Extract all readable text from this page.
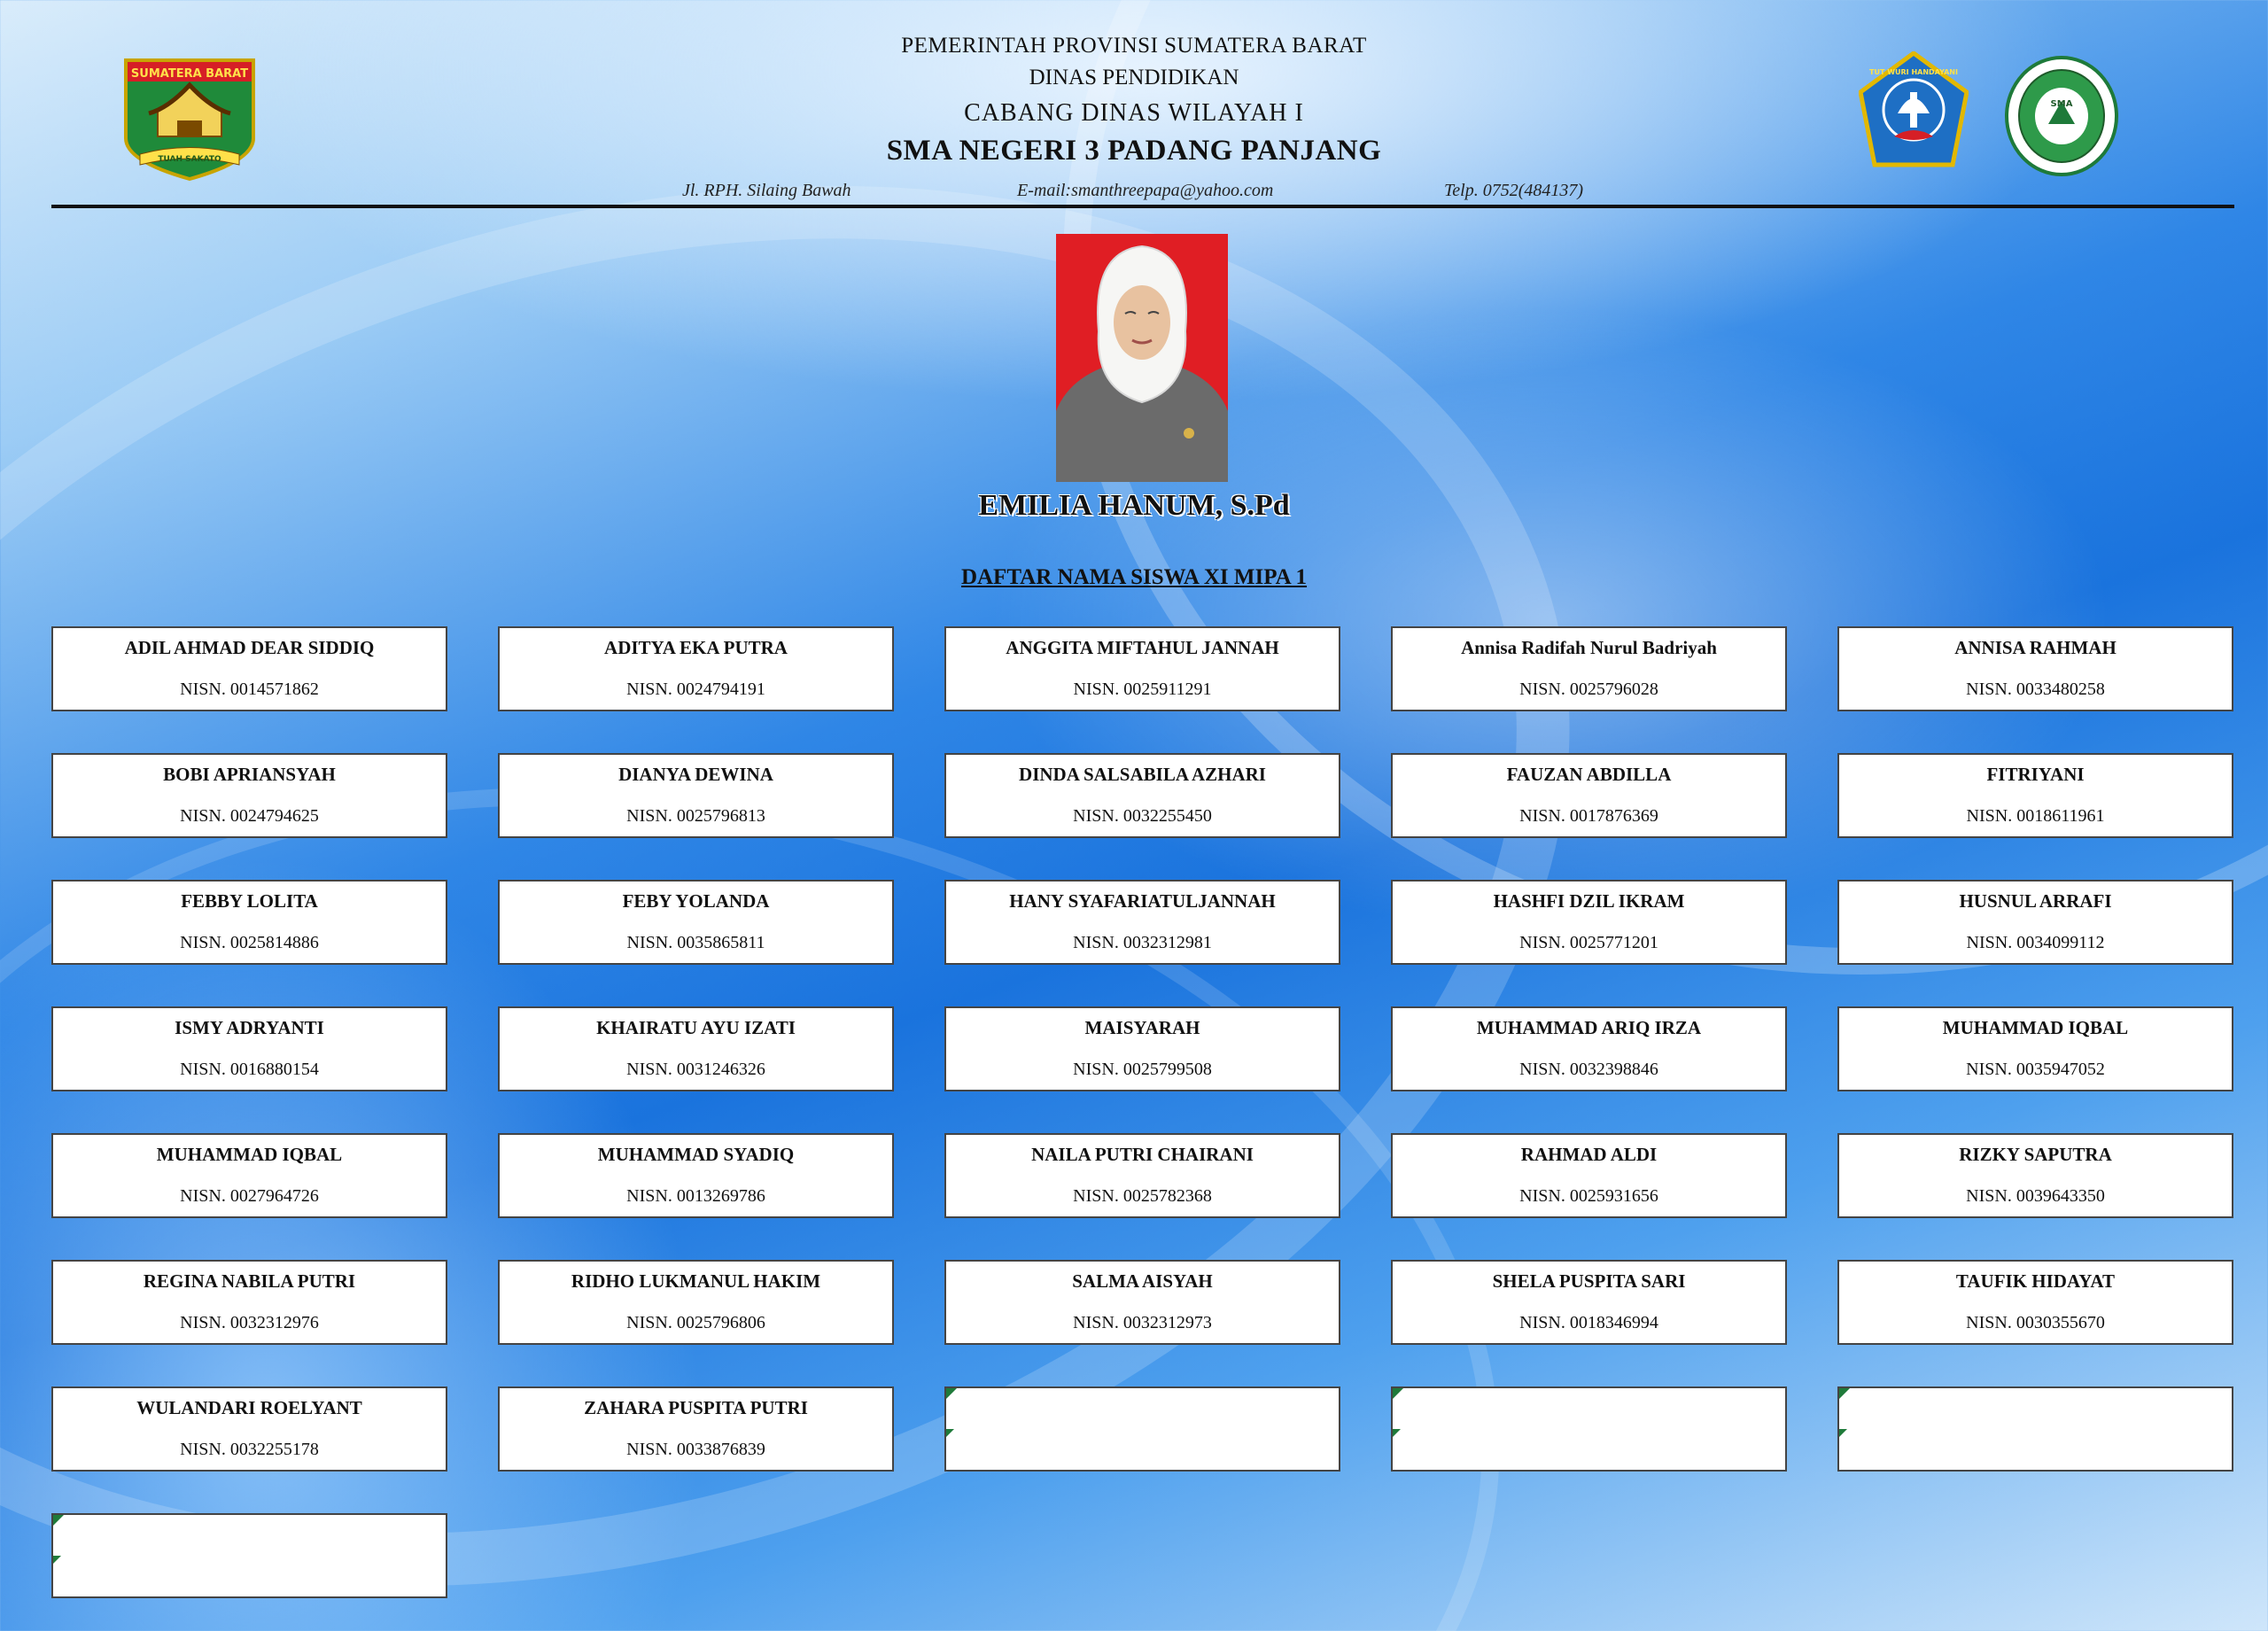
SUMATERA BARAT
TUAH SAKATO
TUT WURI HANDAYANI
SMA
PEMERINTAH PROVINSI SUMATERA BARAT
DINAS PENDIDIKAN
CABANG DINAS WILAYAH I
SMA NEGERI 3 PADANG PANJANG
Jl. RPH. Silaing Bawah	E-mail:smanthreepapa@yahoo.com	Telp. 0752(484137)
EMILIA HANUM, S.Pd
DAFTAR NAMA SISWA XI MIPA 1
ADIL AHMAD DEAR SIDDIQ
NISN. 0014571862
ADITYA EKA PUTRA
NISN. 0024794191
ANGGITA MIFTAHUL JANNAH
NISN. 0025911291
Annisa Radifah Nurul Badriyah
NISN. 0025796028
ANNISA RAHMAH
NISN. 0033480258
BOBI APRIANSYAH
NISN. 0024794625
DIANYA DEWINA
NISN. 0025796813
DINDA SALSABILA AZHARI
NISN. 0032255450
FAUZAN ABDILLA
NISN. 0017876369
FITRIYANI
NISN. 0018611961
FEBBY LOLITA
NISN. 0025814886
FEBY YOLANDA
NISN. 0035865811
HANY SYAFARIATULJANNAH
NISN. 0032312981
HASHFI DZIL IKRAM
NISN. 0025771201
HUSNUL ARRAFI
NISN. 0034099112
ISMY ADRYANTI
NISN. 0016880154
KHAIRATU AYU IZATI
NISN. 0031246326
MAISYARAH
NISN. 0025799508
MUHAMMAD ARIQ IRZA
NISN. 0032398846
MUHAMMAD IQBAL
NISN. 0035947052
MUHAMMAD IQBAL
NISN. 0027964726
MUHAMMAD SYADIQ
NISN. 0013269786
NAILA PUTRI CHAIRANI
NISN. 0025782368
RAHMAD ALDI
NISN. 0025931656
RIZKY SAPUTRA
NISN. 0039643350
REGINA NABILA PUTRI
NISN. 0032312976
RIDHO LUKMANUL HAKIM
NISN. 0025796806
SALMA AISYAH
NISN. 0032312973
SHELA PUSPITA SARI
NISN. 0018346994
TAUFIK HIDAYAT
NISN. 0030355670
WULANDARI ROELYANT
NISN. 0032255178
ZAHARA PUSPITA PUTRI
NISN. 0033876839
